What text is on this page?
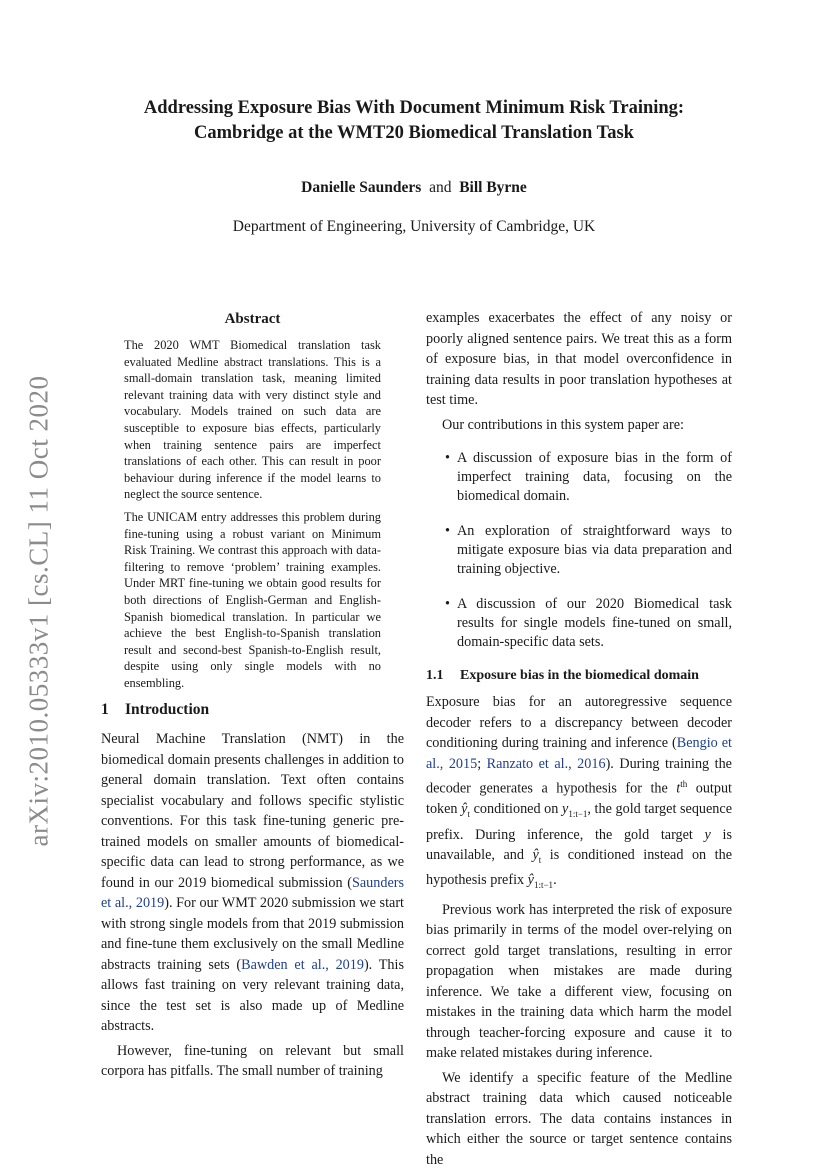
Addressing Exposure Bias With Document Minimum Risk Training:
Cambridge at the WMT20 Biomedical Translation Task
Danielle Saunders and Bill Byrne
Department of Engineering, University of Cambridge, UK
arXiv:2010.05333v1 [cs.CL] 11 Oct 2020
Abstract

The 2020 WMT Biomedical translation task evaluated Medline abstract translations. This is a small-domain translation task, meaning limited relevant training data with very distinct style and vocabulary. Models trained on such data are susceptible to exposure bias effects, particularly when training sentence pairs are imperfect translations of each other. This can result in poor behaviour during inference if the model learns to neglect the source sentence.

The UNICAM entry addresses this problem during fine-tuning using a robust variant on Minimum Risk Training. We contrast this approach with data-filtering to remove ‘problem’ training examples. Under MRT fine-tuning we obtain good results for both directions of English-German and English-Spanish biomedical translation. In particular we achieve the best English-to-Spanish translation result and second-best Spanish-to-English result, despite using only single models with no ensembling.

1 Introduction

Neural Machine Translation (NMT) in the biomedical domain presents challenges in addition to general domain translation. Text often contains specialist vocabulary and follows specific stylistic conventions. For this task fine-tuning generic pre-trained models on smaller amounts of biomedical-specific data can lead to strong performance, as we found in our 2019 biomedical submission (Saunders et al., 2019). For our WMT 2020 submission we start with strong single models from that 2019 submission and fine-tune them exclusively on the small Medline abstracts training sets (Bawden et al., 2019). This allows fast training on very relevant training data, since the test set is also made up of Medline abstracts.

However, fine-tuning on relevant but small corpora has pitfalls. The small number of training

examples exacerbates the effect of any noisy or poorly aligned sentence pairs. We treat this as a form of exposure bias, in that model overconfidence in training data results in poor translation hypotheses at test time.

Our contributions in this system paper are:

• A discussion of exposure bias in the form of imperfect training data, focusing on the biomedical domain.
• An exploration of straightforward ways to mitigate exposure bias via data preparation and training objective.
• A discussion of our 2020 Biomedical task results for single models fine-tuned on small, domain-specific data sets.
1.1 Exposure bias in the biomedical domain

Exposure bias for an autoregressive sequence decoder refers to a discrepancy between decoder conditioning during training and inference (Bengio et al., 2015; Ranzato et al., 2016). During training the decoder generates a hypothesis for the $t^{th}$ output token $ŷ_t$ conditioned on $y_{1:t-1}$, the gold target sequence prefix. During inference, the gold target y is unavailable, and $ŷ_t$ is conditioned instead on the hypothesis prefix $ŷ_{1:t-1}$.

Previous work has interpreted the risk of exposure bias primarily in terms of the model over-relying on correct gold target translations, resulting in error propagation when mistakes are made during inference. We take a different view, focusing on mistakes in the training data which harm the model through teacher-forcing exposure and cause it to make related mistakes during inference.

We identify a specific feature of the Medline abstract training data which caused noticeable translation errors. The data contains instances in which either the source or target sentence contains the
